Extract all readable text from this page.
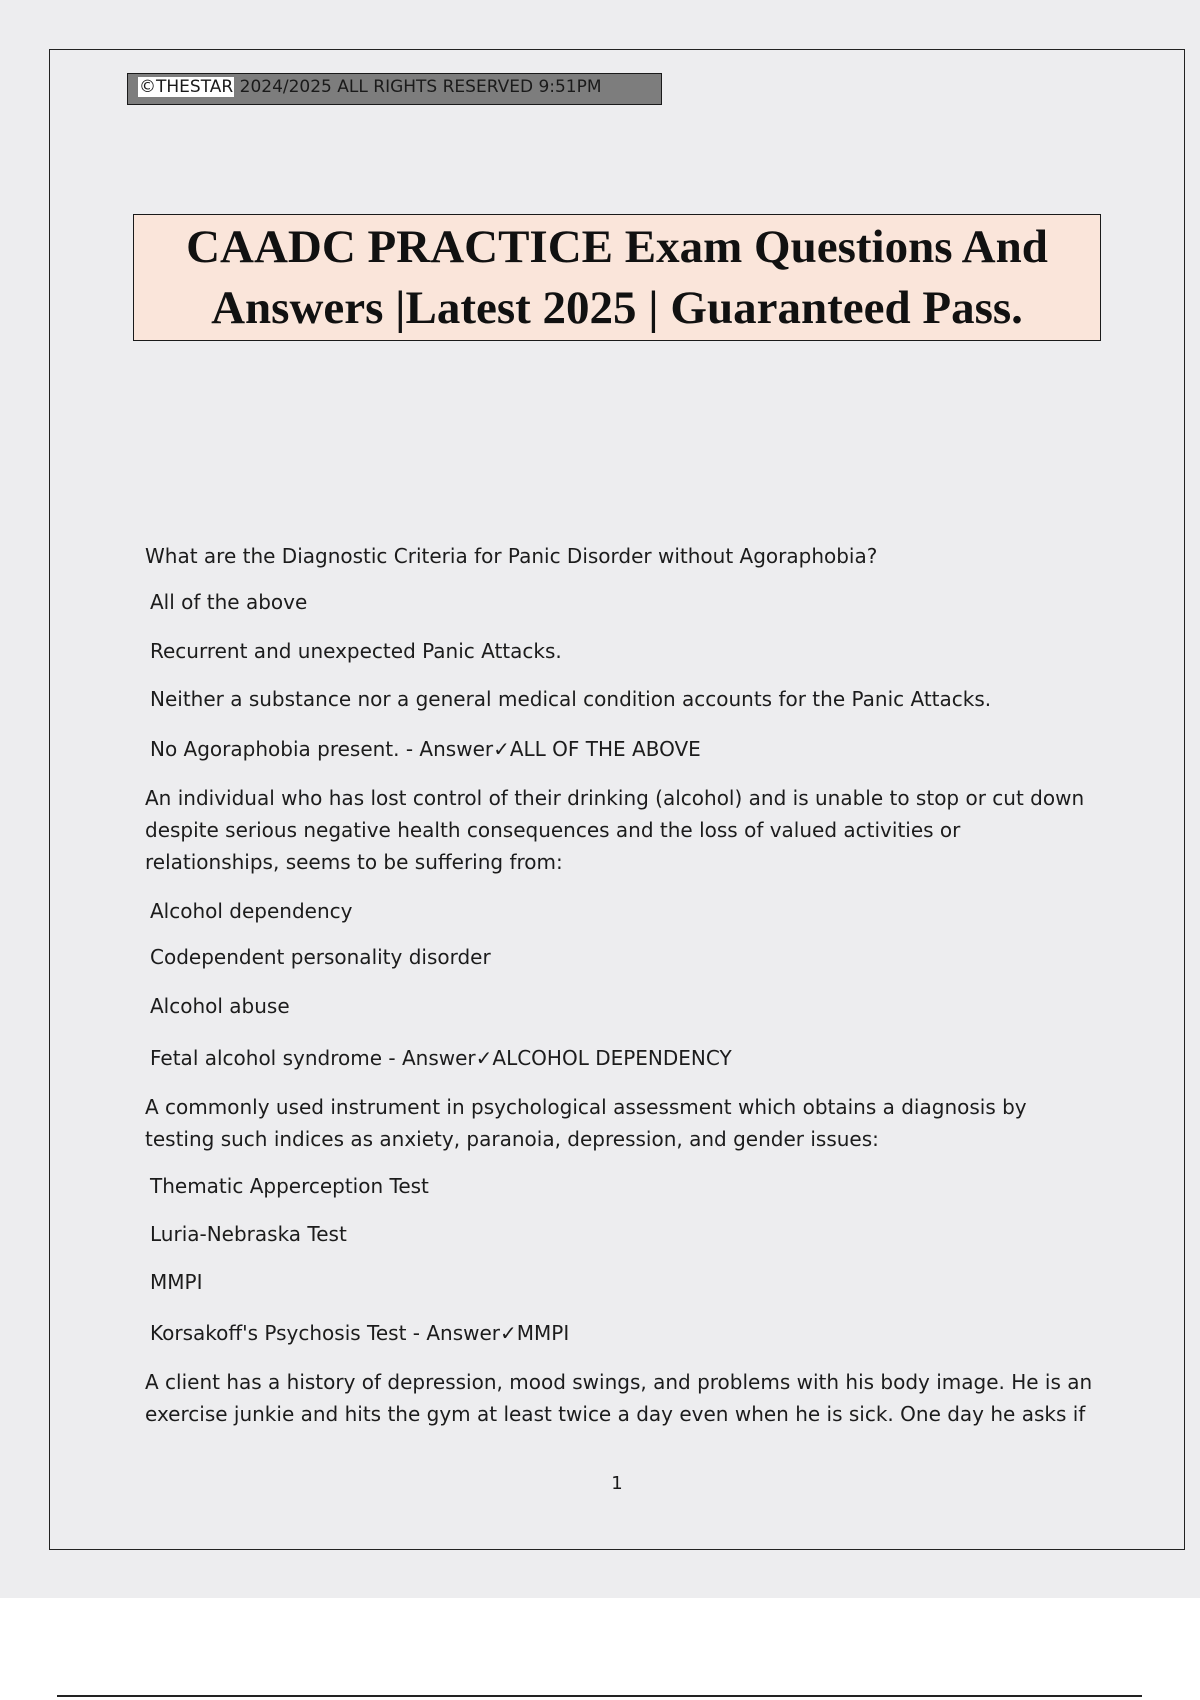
©THESTAR 2024/2025 ALL RIGHTS RESERVED 9:51PM
CAADC PRACTICE Exam Questions And
Answers |Latest 2025 | Guaranteed Pass.

What are the Diagnostic Criteria for Panic Disorder without Agoraphobia?

All of the above

Recurrent and unexpected Panic Attacks.

Neither a substance nor a general medical condition accounts for the Panic Attacks.

No Agoraphobia present. - Answer✓ALL OF THE ABOVE

An individual who has lost control of their drinking (alcohol) and is unable to stop or cut down despite serious negative health consequences and the loss of valued activities or relationships, seems to be suffering from:

Alcohol dependency

Codependent personality disorder

Alcohol abuse

Fetal alcohol syndrome - Answer✓ALCOHOL DEPENDENCY

A commonly used instrument in psychological assessment which obtains a diagnosis by testing such indices as anxiety, paranoia, depression, and gender issues:

Thematic Apperception Test

Luria-Nebraska Test

MMPI

Korsakoff's Psychosis Test - Answer✓MMPI

A client has a history of depression, mood swings, and problems with his body image. He is an exercise junkie and hits the gym at least twice a day even when he is sick. One day he asks if

1
